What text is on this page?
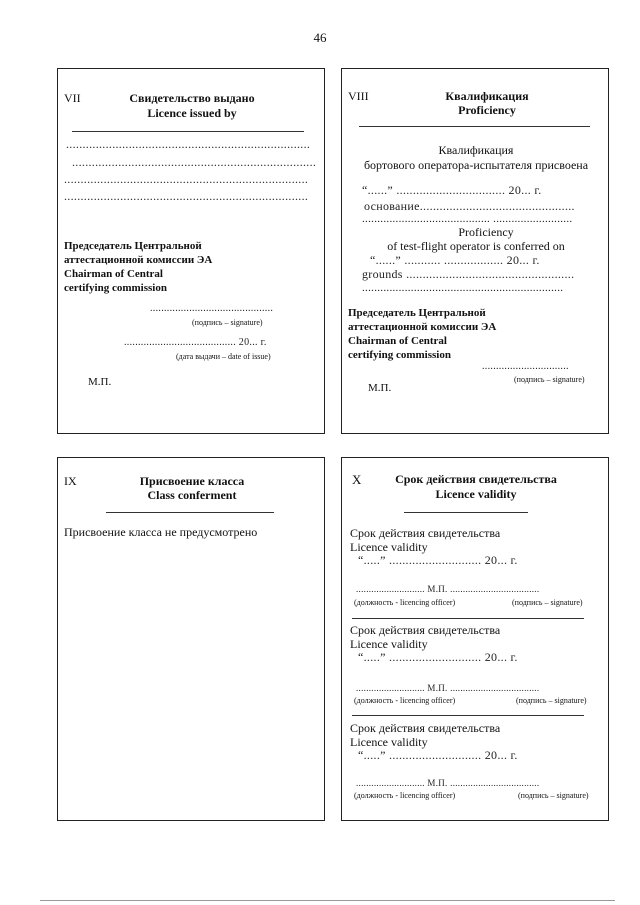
46
VII	Свидетельство выдано
Licence issued by
..........................................................................
..........................................................................
..........................................................................
..........................................................................
Председатель Центральной
аттестационной комиссии ЭА
Chairman of Central
certifying commission
............................................
(подпись – signature)
........................................ 20... г.
(дата выдачи – date of issue)
М.П.
VIII	Квалификация
Proficiency
Квалификация
бортового оператора-испытателя присвоена
“......” ................................. 20... г.
основание...............................................
.......................................... ..........................
Proficiency
of test-flight operator is conferred on
“......” ........... .................. 20... г.
grounds ...................................................
..................................................................
Председатель Центральной
аттестационной комиссии ЭА
Chairman of Central
certifying commission
...............................
(подпись – signature)
М.П.
IX	Присвоение класса
Class conferment
Присвоение класса не предусмотрено
X	Срок действия свидетельства
Licence validity
Срок действия свидетельства
Licence validity
“.....” ............................ 20... г.
........................... М.П. ...................................
(должность - licencing officer)	(подпись – signature)
Срок действия свидетельства
Licence validity
“.....” ............................ 20... г.
........................... М.П. ...................................
(должность - licencing officer)	(подпись – signature)
Срок действия свидетельства
Licence validity
“.....” ............................ 20... г.
........................... М.П. ...................................
(должность - licencing officer)	(подпись – signature)
